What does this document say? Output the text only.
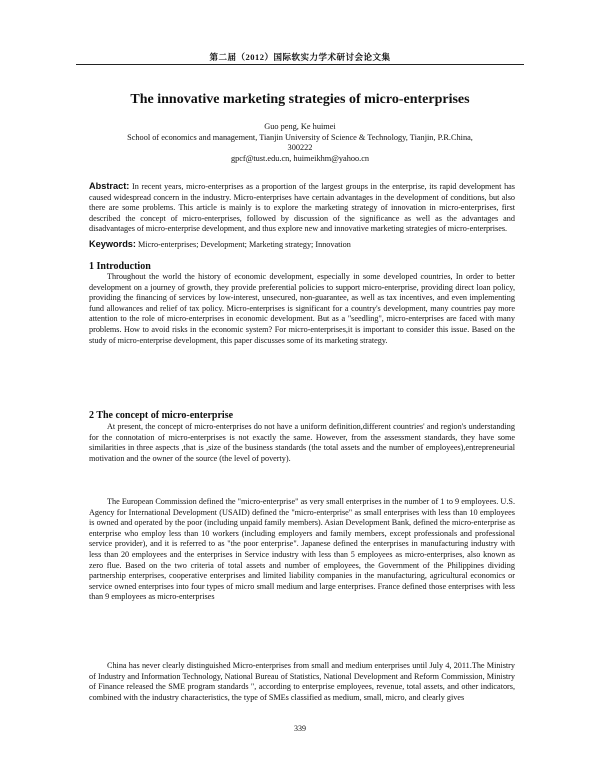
第二届（2012）国际软实力学术研讨会论文集
The innovative marketing strategies of micro-enterprises
Guo peng, Ke huimei
School of economics and management, Tianjin University of Science & Technology, Tianjin, P.R.China,
300222
gpcf@tust.edu.cn, huimeikhm@yahoo.cn
Abstract: In recent years, micro-enterprises as a proportion of the largest groups in the enterprise, its rapid development has caused widespread concern in the industry. Micro-enterprises have certain advantages in the development of conditions, but also there are some problems. This article is mainly is to explore the marketing strategy of innovation in micro-enterprises, first described the concept of micro-enterprises, followed by discussion of the significance as well as the advantages and disadvantages of micro-enterprise development, and thus explore new and innovative marketing strategies of micro-enterprises.
Keywords: Micro-enterprises; Development; Marketing strategy; Innovation
1 Introduction
Throughout the world the history of economic development, especially in some developed countries, In order to better development on a journey of growth, they provide preferential policies to support micro-enterprise, providing direct loan policy, providing the financing of services by low-interest, unsecured, non-guarantee, as well as tax incentives, and even implementing fund allowances and relief of tax policy. Micro-enterprises is significant for a country's development, many countries pay more attention to the role of micro-enterprises in economic development. But as a "seedling", micro-enterprises are faced with many problems. How to avoid risks in the economic system? For micro-enterprises,it is important to consider this issue. Based on the study of micro-enterprise development, this paper discusses some of its marketing strategy.
2 The concept of micro-enterprise
At present, the concept of micro-enterprises do not have a uniform definition,different countries' and region's understanding for the connotation of micro-enterprises is not exactly the same. However, from the assessment standards, they have some similarities in three aspects ,that is ,size of the business standards (the total assets and the number of employees),entrepreneurial motivation and the owner of the source (the level of poverty).
The European Commission defined the "micro-enterprise" as very small enterprises in the number of 1 to 9 employees. U.S. Agency for International Development (USAID) defined the "micro-enterprise" as small enterprises with less than 10 employees is owned and operated by the poor (including unpaid family members). Asian Development Bank, defined the micro-enterprise as enterprise who employ less than 10 workers (including employers and family members, except professionals and professional service provider), and it is referred to as "the poor enterprise". Japanese defined the enterprises in manufacturing industry with less than 20 employees and the enterprises in Service industry with less than 5 employees as micro-enterprises, also known as zero flue. Based on the two criteria of total assets and number of employees, the Government of the Philippines dividing partnership enterprises, cooperative enterprises and limited liability companies in the manufacturing, agricultural economics or service owned enterprises into four types of micro small medium and large enterprises. France defined those enterprises with less than 9 employees as micro-enterprises
China has never clearly distinguished Micro-enterprises from small and medium enterprises until July 4, 2011.The Ministry of Industry and Information Technology, National Bureau of Statistics, National Development and Reform Commission, Ministry of Finance released the SME program standards ", according to enterprise employees, revenue, total assets, and other indicators, combined with the industry characteristics, the type of SMEs classified as medium, small, micro, and clearly gives
339
